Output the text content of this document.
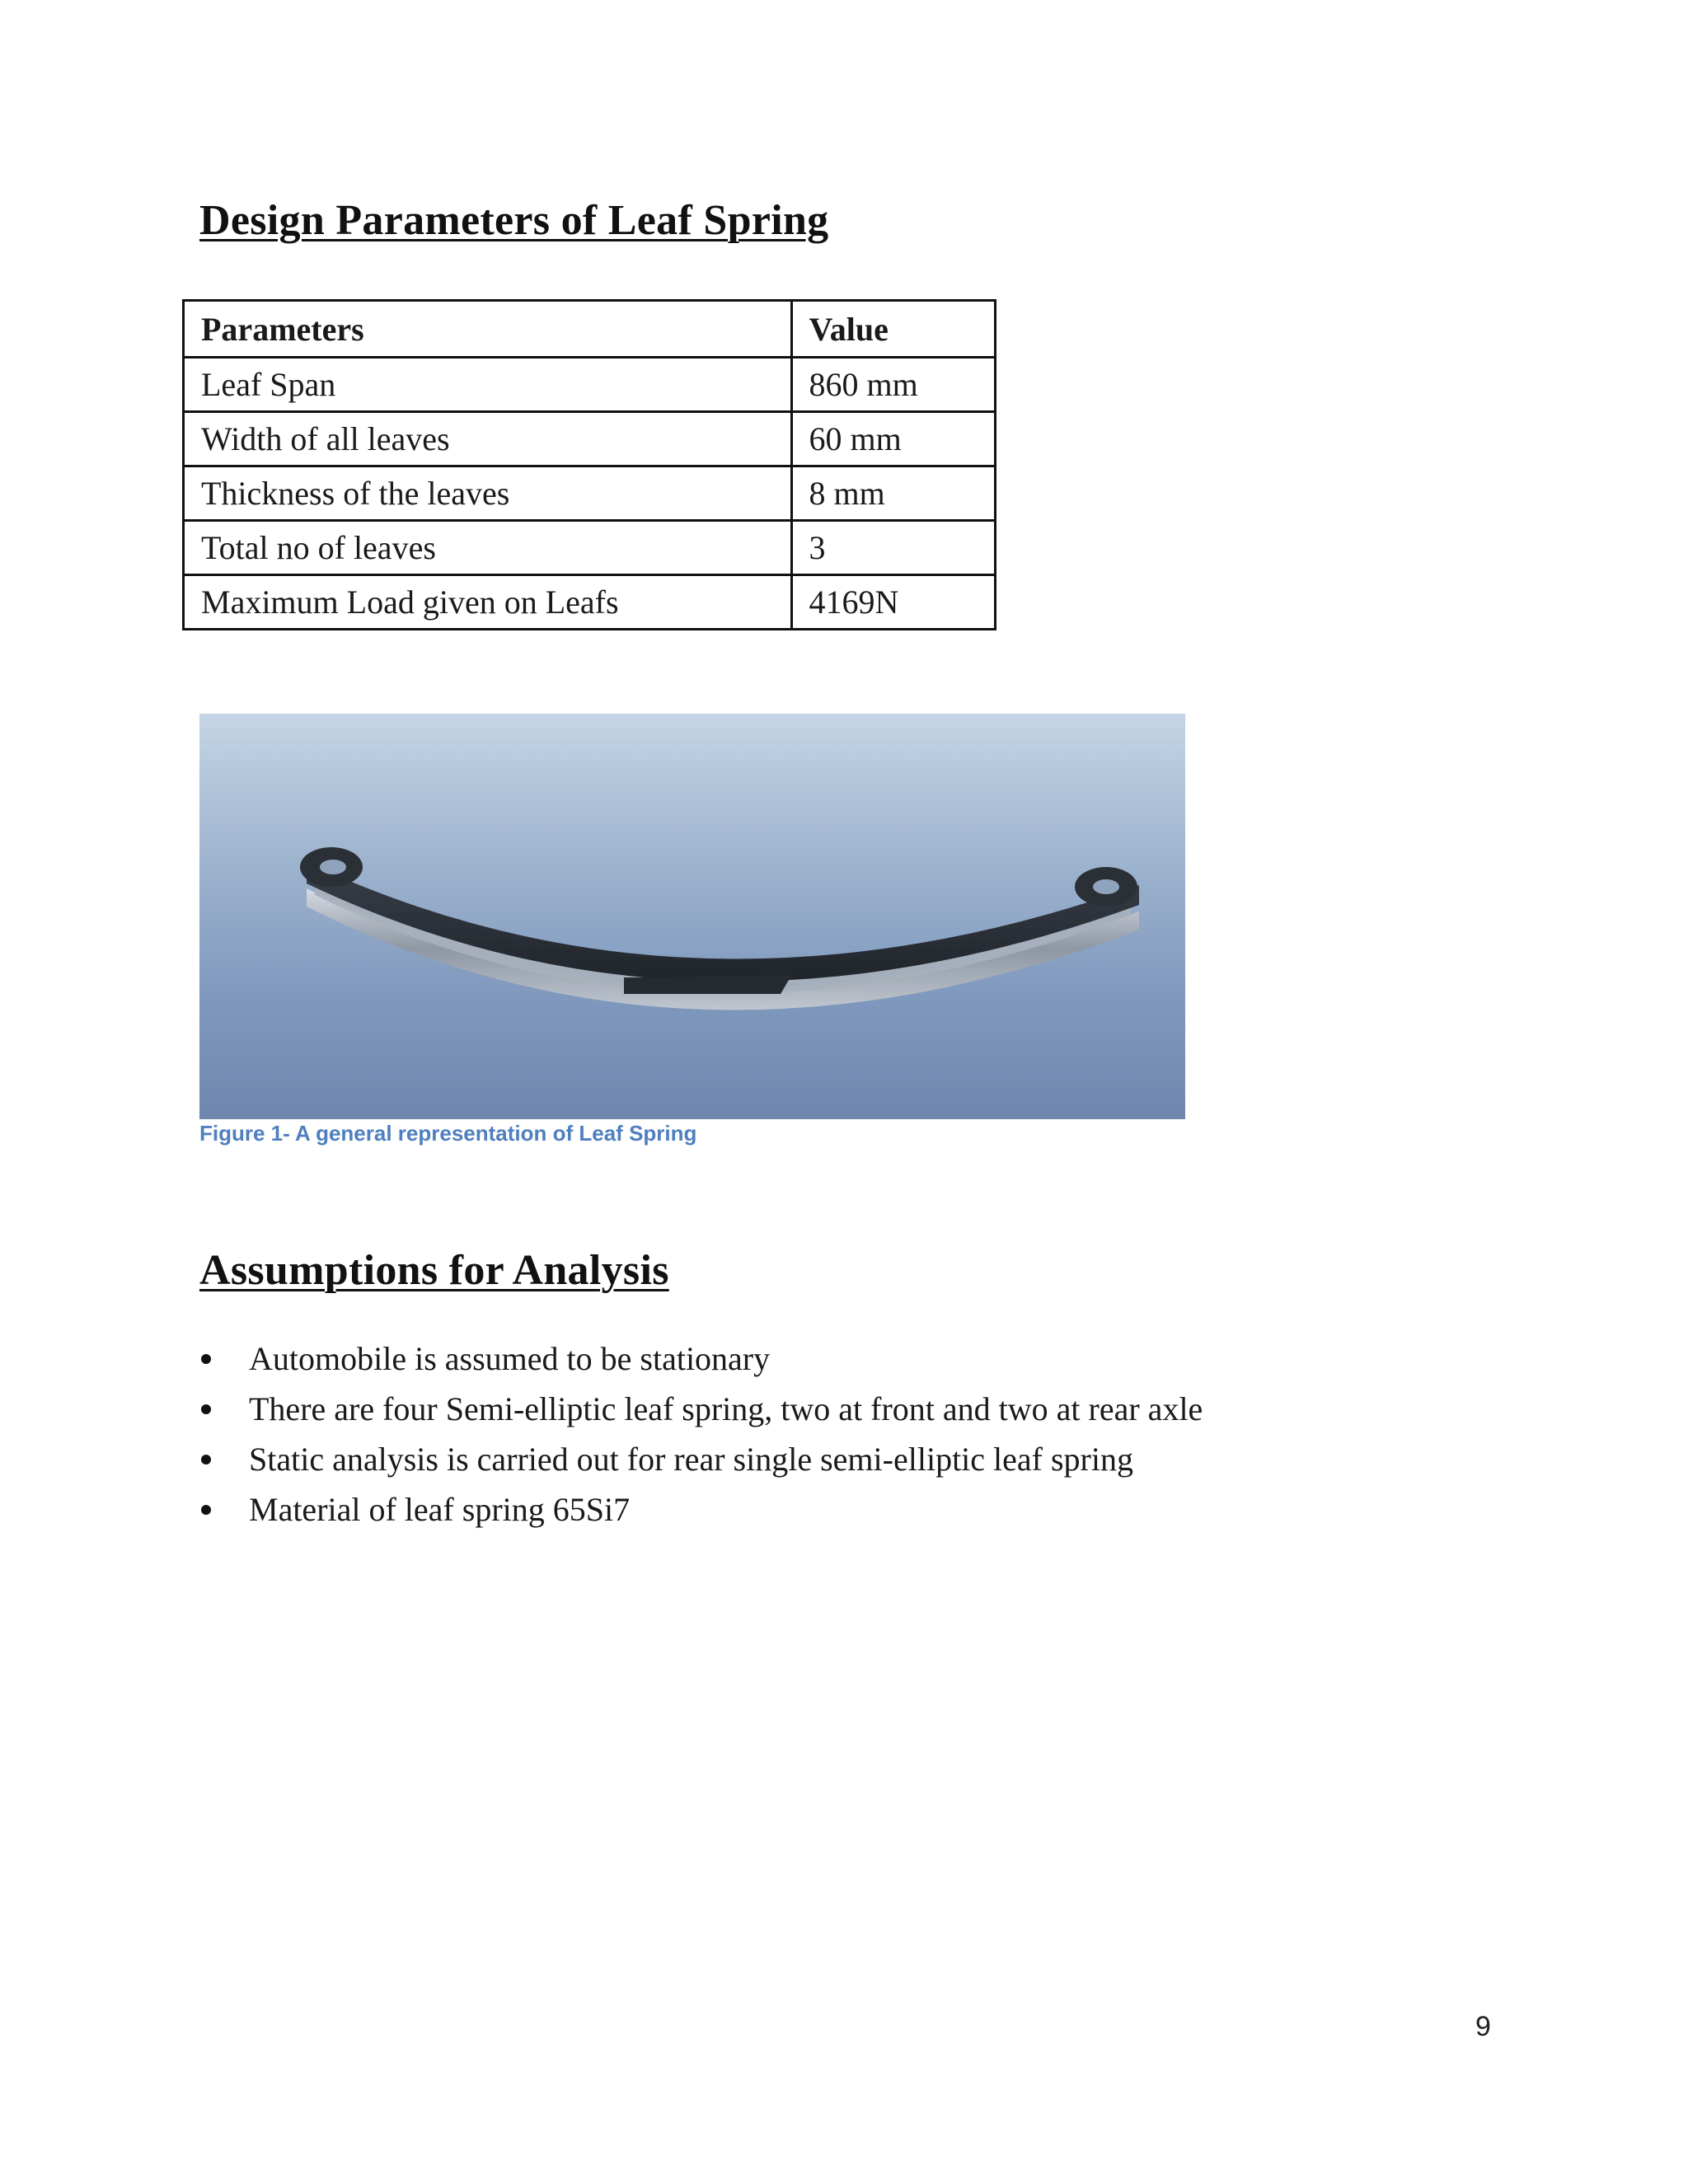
Design Parameters of Leaf Spring
Parameters	Value
Leaf Span	860 mm
Width of all leaves	60 mm
Thickness of the leaves	8 mm
Total no of leaves	3
Maximum Load given on Leafs	4169N

Figure 1- A general representation of Leaf Spring

Assumptions for Analysis
Automobile is assumed to be stationary
There are four Semi-elliptic leaf spring, two at front and two at rear axle
Static analysis is carried out for rear single semi-elliptic leaf spring
Material of leaf spring 65Si7

9
